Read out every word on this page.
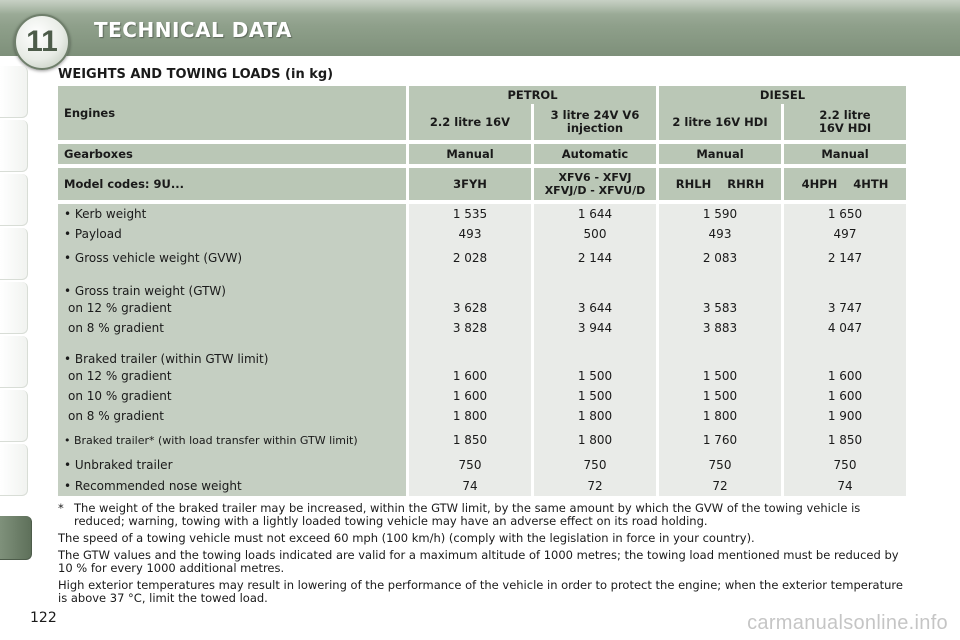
11	TECHNICAL DATA
WEIGHTS AND TOWING LOADS (in kg)
Engines	PETROL		DIESEL	
	2.2 litre 16V	3 litre 24V V6 injection	2 litre 16V HDI	2.2 litre 16V HDI

Gearboxes	Manual	Automatic	Manual	Manual

Model codes: 9U...	3FYH	XFV6 - XFVJ XFVJ/D - XFVU/D	RHLH    RHRH	4HPH    4HTH

• Kerb weight	1 535	1 644	1 590	1 650
• Payload	493	500	493	497
• Gross vehicle weight (GVW)	2 028	2 144	2 083	2 147
• Gross train weight (GTW)				
on 12 % gradient	3 628	3 644	3 583	3 747
on 8 % gradient	3 828	3 944	3 883	4 047
• Braked trailer (within GTW limit)				
on 12 % gradient	1 600	1 500	1 500	1 600
on 10 % gradient	1 600	1 500	1 500	1 600
on 8 % gradient	1 800	1 800	1 800	1 900
• Braked trailer* (with load transfer within GTW limit)	1 850	1 800	1 760	1 850
• Unbraked trailer	750	750	750	750
• Recommended nose weight	74	72	72	74
* The weight of the braked trailer may be increased, within the GTW limit, by the same amount by which the GVW of the towing vehicle is reduced; warning, towing with a lightly loaded towing vehicle may have an adverse effect on its road holding.
The speed of a towing vehicle must not exceed 60 mph (100 km/h) (comply with the legislation in force in your country).
The GTW values and the towing loads indicated are valid for a maximum altitude of 1000 metres; the towing load mentioned must be reduced by 10 % for every 1000 additional metres.
High exterior temperatures may result in lowering of the performance of the vehicle in order to protect the engine; when the exterior temperature is above 37 °C, limit the towed load.
122	carmanualsonline.info
